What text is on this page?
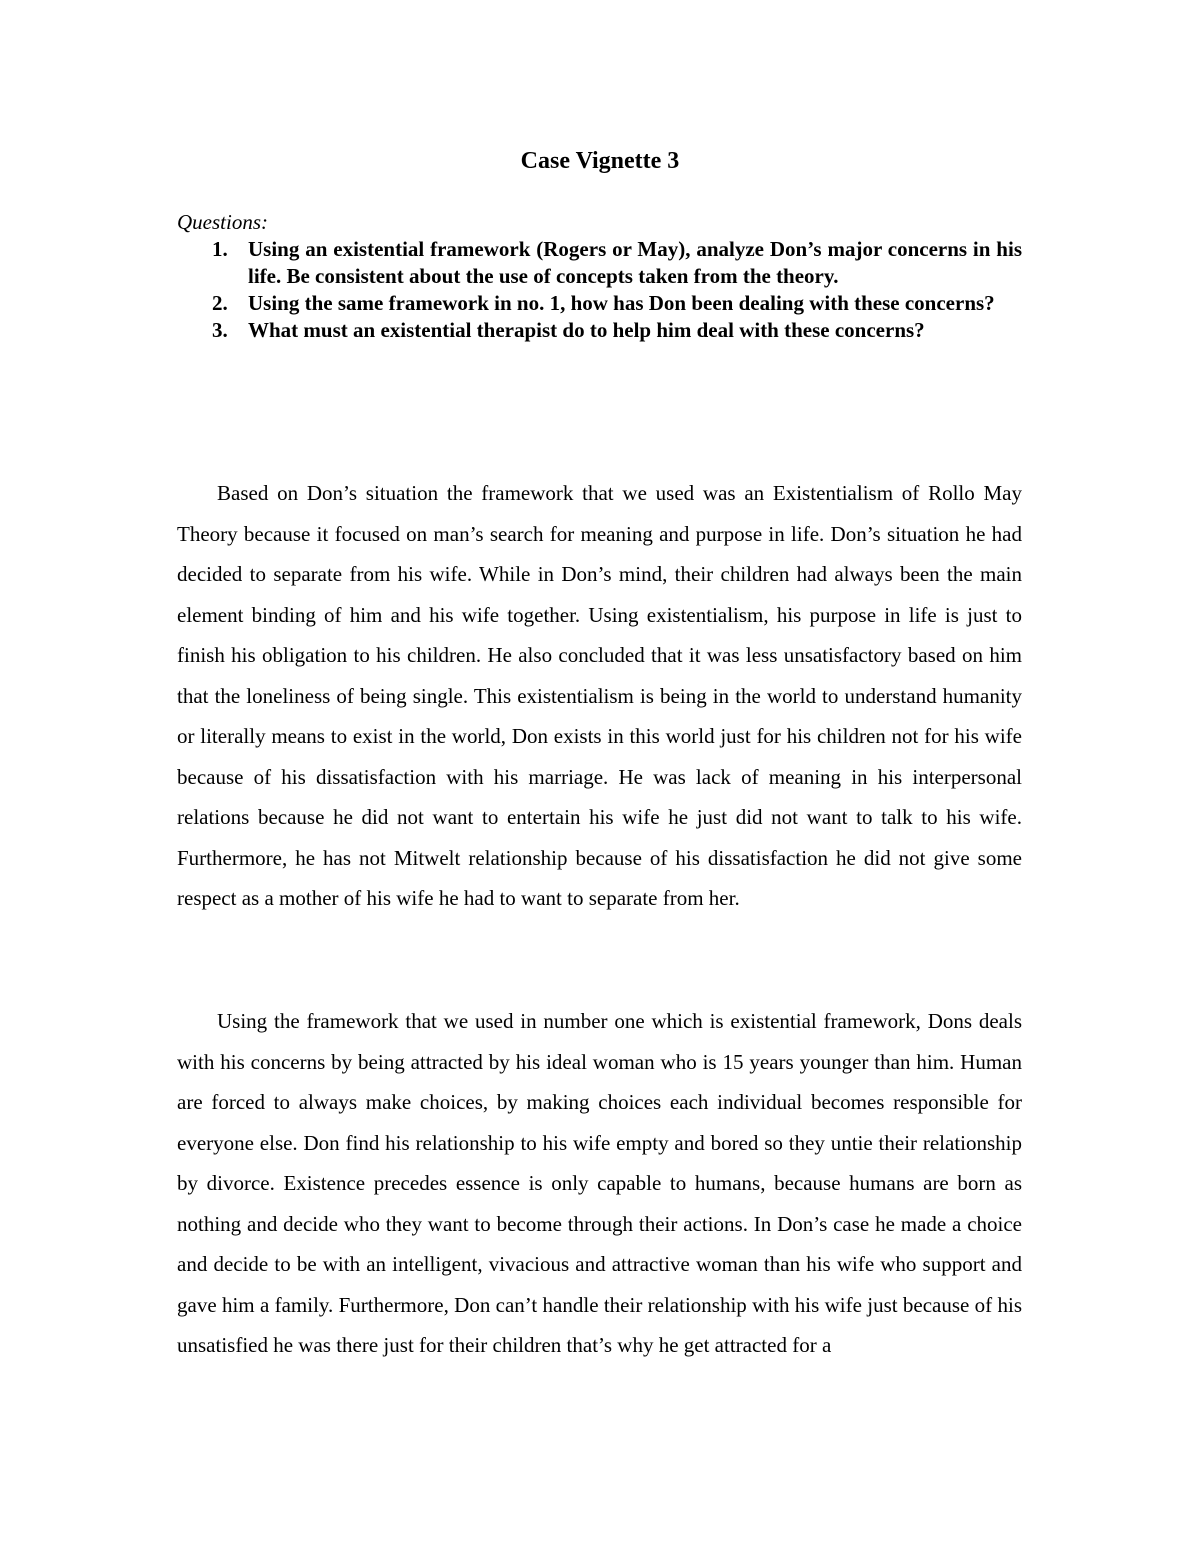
Case Vignette 3

Questions:

1. Using an existential framework (Rogers or May), analyze Don’s major concerns in his life. Be consistent about the use of concepts taken from the theory.
2. Using the same framework in no. 1, how has Don been dealing with these concerns?
3. What must an existential therapist do to help him deal with these concerns?

Based on Don’s situation the framework that we used was an Existentialism of Rollo May Theory because it focused on man’s search for meaning and purpose in life. Don’s situation he had decided to separate from his wife. While in Don’s mind, their children had always been the main element binding of him and his wife together. Using existentialism, his purpose in life is just to finish his obligation to his children. He also concluded that it was less unsatisfactory based on him that the loneliness of being single. This existentialism is being in the world to understand humanity or literally means to exist in the world, Don exists in this world just for his children not for his wife because of his dissatisfaction with his marriage. He was lack of meaning in his interpersonal relations because he did not want to entertain his wife he just did not want to talk to his wife. Furthermore, he has not Mitwelt relationship because of his dissatisfaction he did not give some respect as a mother of his wife he had to want to separate from her.

Using the framework that we used in number one which is existential framework, Dons deals with his concerns by being attracted by his ideal woman who is 15 years younger than him. Human are forced to always make choices, by making choices each individual becomes responsible for everyone else. Don find his relationship to his wife empty and bored so they untie their relationship by divorce. Existence precedes essence is only capable to humans, because humans are born as nothing and decide who they want to become through their actions. In Don’s case he made a choice and decide to be with an intelligent, vivacious and attractive woman than his wife who support and gave him a family. Furthermore, Don can’t handle their relationship with his wife just because of his unsatisfied he was there just for their children that’s why he get attracted for a
